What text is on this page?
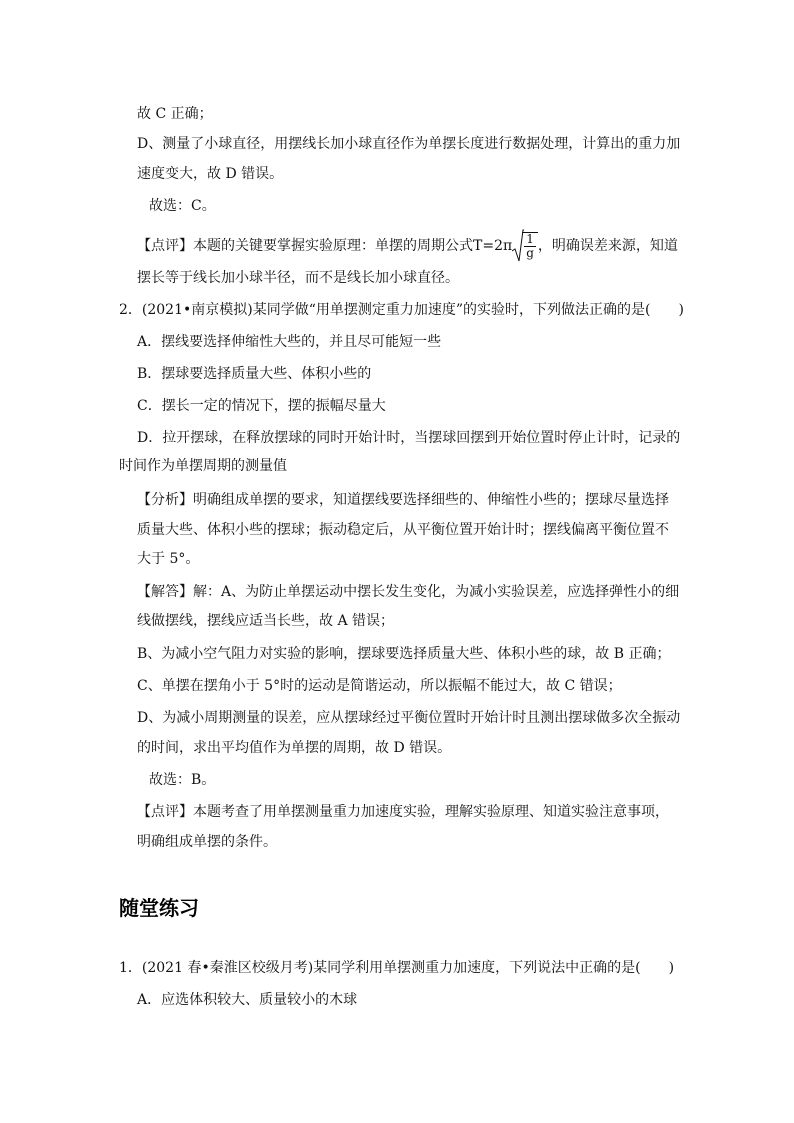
故 C 正确；
D、测量了小球直径，用摆线长加小球直径作为单摆长度进行数据处理，计算出的重力加
速度变大，故 D 错误。
故选：C。
【点评】本题的关键要掌握实验原理：单摆的周期公式$T=2\pi \frac{1}{g}$ ，明确误差来源，知道
摆长等于线长加小球半径，而不是线长加小球直径。
2．(2021•南京模拟)某同学做“用单摆测定重力加速度”的实验时，下列做法正确的是(　　)
A．摆线要选择伸缩性大些的，并且尽可能短一些
B．摆球要选择质量大些、体积小些的
C．摆长一定的情况下，摆的振幅尽量大
D．拉开摆球，在释放摆球的同时开始计时，当摆球回摆到开始位置时停止计时，记录的
时间作为单摆周期的测量值
【分析】明确组成单摆的要求，知道摆线要选择细些的、伸缩性小些的；摆球尽量选择
质量大些、体积小些的摆球；振动稳定后，从平衡位置开始计时；摆线偏离平衡位置不
大于 5°。
【解答】解：A、为防止单摆运动中摆长发生变化，为减小实验误差，应选择弹性小的细
线做摆线，摆线应适当长些，故 A 错误；
B、为减小空气阻力对实验的影响，摆球要选择质量大些、体积小些的球，故 B 正确；
C、单摆在摆角小于 5°时的运动是简谐运动，所以振幅不能过大，故 C 错误；
D、为减小周期测量的误差，应从摆球经过平衡位置时开始计时且测出摆球做多次全振动
的时间，求出平均值作为单摆的周期，故 D 错误。
故选：B。
【点评】本题考查了用单摆测量重力加速度实验，理解实验原理、知道实验注意事项，
明确组成单摆的条件。
随堂练习
1．(2021 春•秦淮区校级月考)某同学利用单摆测重力加速度，下列说法中正确的是(　　)
A．应选体积较大、质量较小的木球
